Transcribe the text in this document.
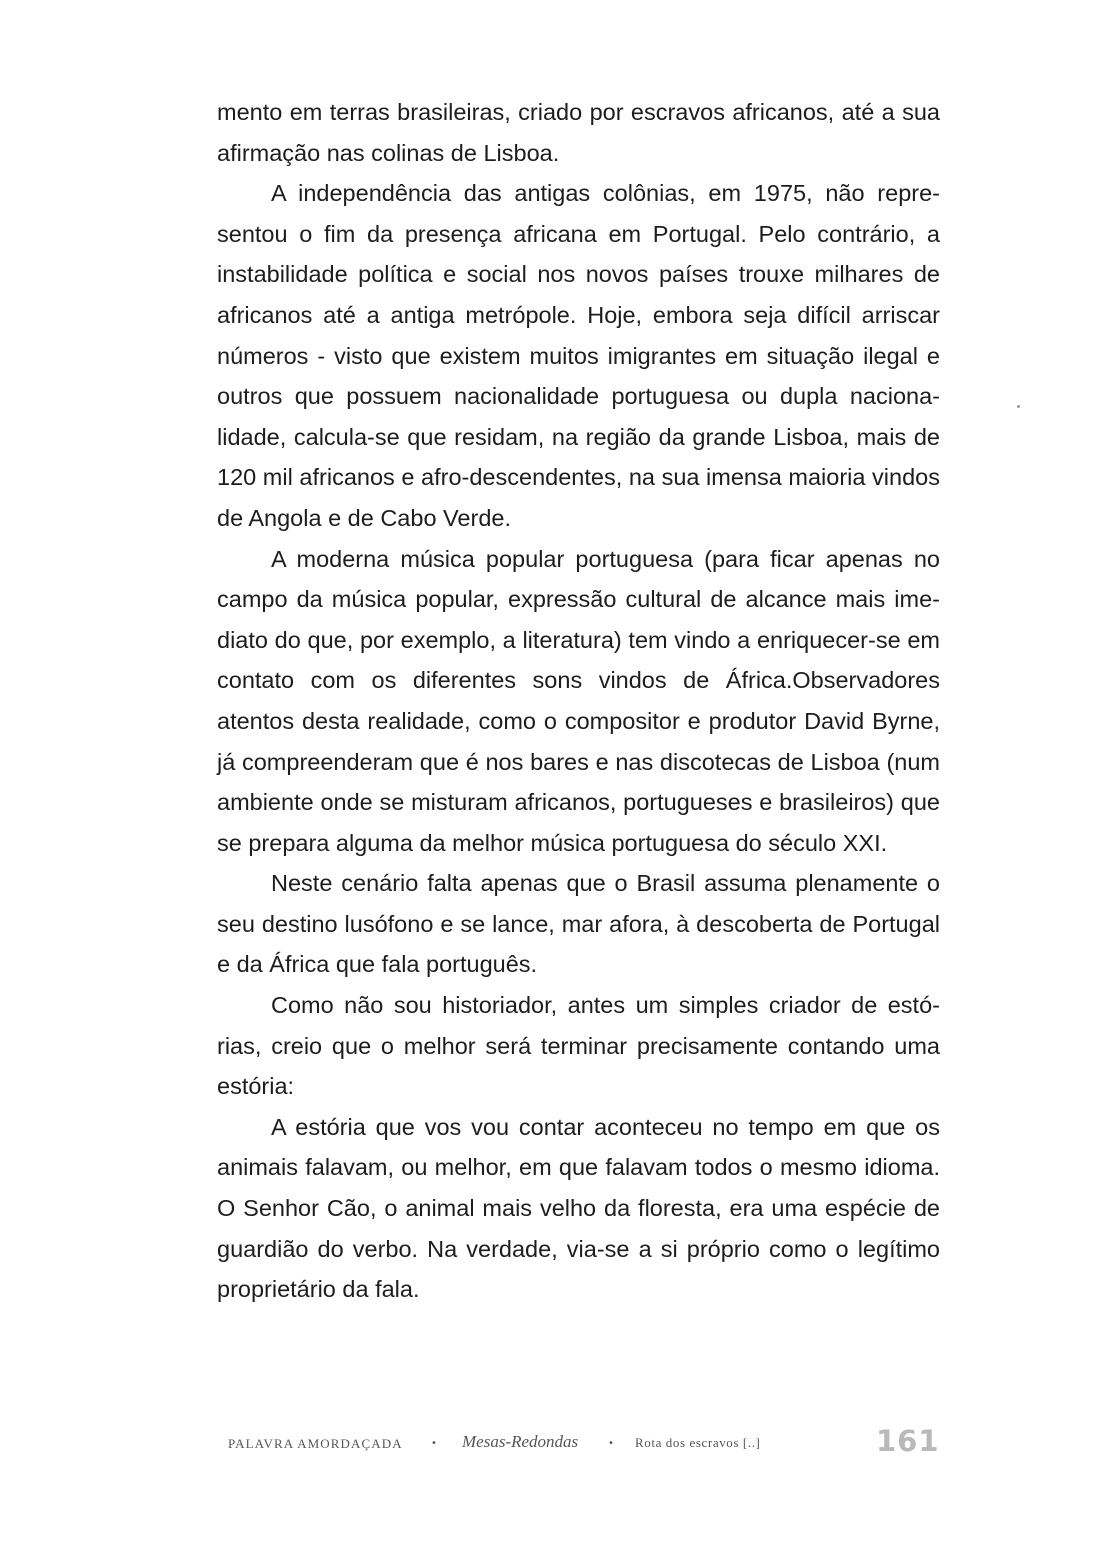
mento em terras brasileiras, criado por escravos africanos, até a sua afirmação nas colinas de Lisboa.

A independência das antigas colônias, em 1975, não representou o fim da presença africana em Portugal. Pelo contrário, a instabilidade política e social nos novos países trouxe milhares de africanos até a antiga metrópole. Hoje, embora seja difícil arriscar números - visto que existem muitos imigrantes em situação ilegal e outros que possuem nacionalidade portuguesa ou dupla nacionalidade, calcula-se que residam, na região da grande Lisboa, mais de 120 mil africanos e afro-descendentes, na sua imensa maioria vindos de Angola e de Cabo Verde.

A moderna música popular portuguesa (para ficar apenas no campo da música popular, expressão cultural de alcance mais imediato do que, por exemplo, a literatura) tem vindo a enriquecer-se em contato com os diferentes sons vindos de África.Observadores atentos desta realidade, como o compositor e produtor David Byrne, já compreenderam que é nos bares e nas discotecas de Lisboa (num ambiente onde se misturam africanos, portugueses e brasileiros) que se prepara alguma da melhor música portuguesa do século XXI.

Neste cenário falta apenas que o Brasil assuma plenamente o seu destino lusófono e se lance, mar afora, à descoberta de Portugal e da África que fala português.

Como não sou historiador, antes um simples criador de estórias, creio que o melhor será terminar precisamente contando uma estória:

A estória que vos vou contar aconteceu no tempo em que os animais falavam, ou melhor, em que falavam todos o mesmo idioma. O Senhor Cão, o animal mais velho da floresta, era uma espécie de guardião do verbo. Na verdade, via-se a si próprio como o legítimo proprietário da fala.

PALAVRA AMORDAÇADA	• Mesas-Redondas	• Rota dos escravos [..]	161
